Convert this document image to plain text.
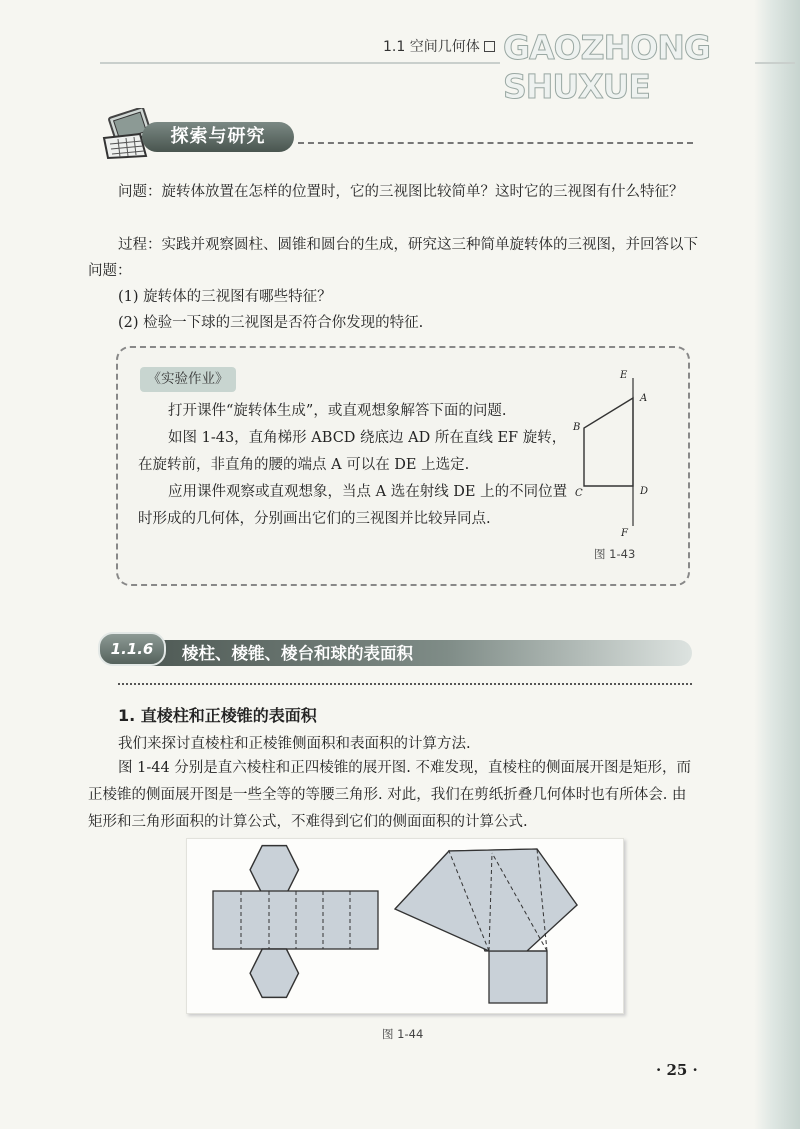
1.1 空间几何体 GAOZHONG SHUXUE
探索与研究
问题：旋转体放置在怎样的位置时，它的三视图比较简单？这时它的三视图有什么特征？
过程：实践并观察圆柱、圆锥和圆台的生成，研究这三种简单旋转体的三视图，并回答以下问题：
(1) 旋转体的三视图有哪些特征？
(2) 检验一下球的三视图是否符合你发现的特征.
《实验作业》

打开课件“旋转体生成”，或直观想象解答下面的问题.

如图 1-43，直角梯形 ABCD 绕底边 AD 所在直线 EF 旋转，在旋转前，非直角的腰的端点 A 可以在 DE 上选定.

应用课件观察或直观想象，当点 A 选在射线 DE 上的不同位置时形成的几何体，分别画出它们的三视图并比较异同点.

E
A
B
C	D
F
图 1-43
1.1.6	棱柱、棱锥、棱台和球的表面积
1. 直棱柱和正棱锥的表面积
我们来探讨直棱柱和正棱锥侧面积和表面积的计算方法.
图 1-44 分别是直六棱柱和正四棱锥的展开图. 不难发现，直棱柱的侧面展开图是矩形，而正棱锥的侧面展开图是一些全等的等腰三角形. 对此，我们在剪纸折叠几何体时也有所体会. 由矩形和三角形面积的计算公式，不难得到它们的侧面面积的计算公式.
图 1-44
· 25 ·
